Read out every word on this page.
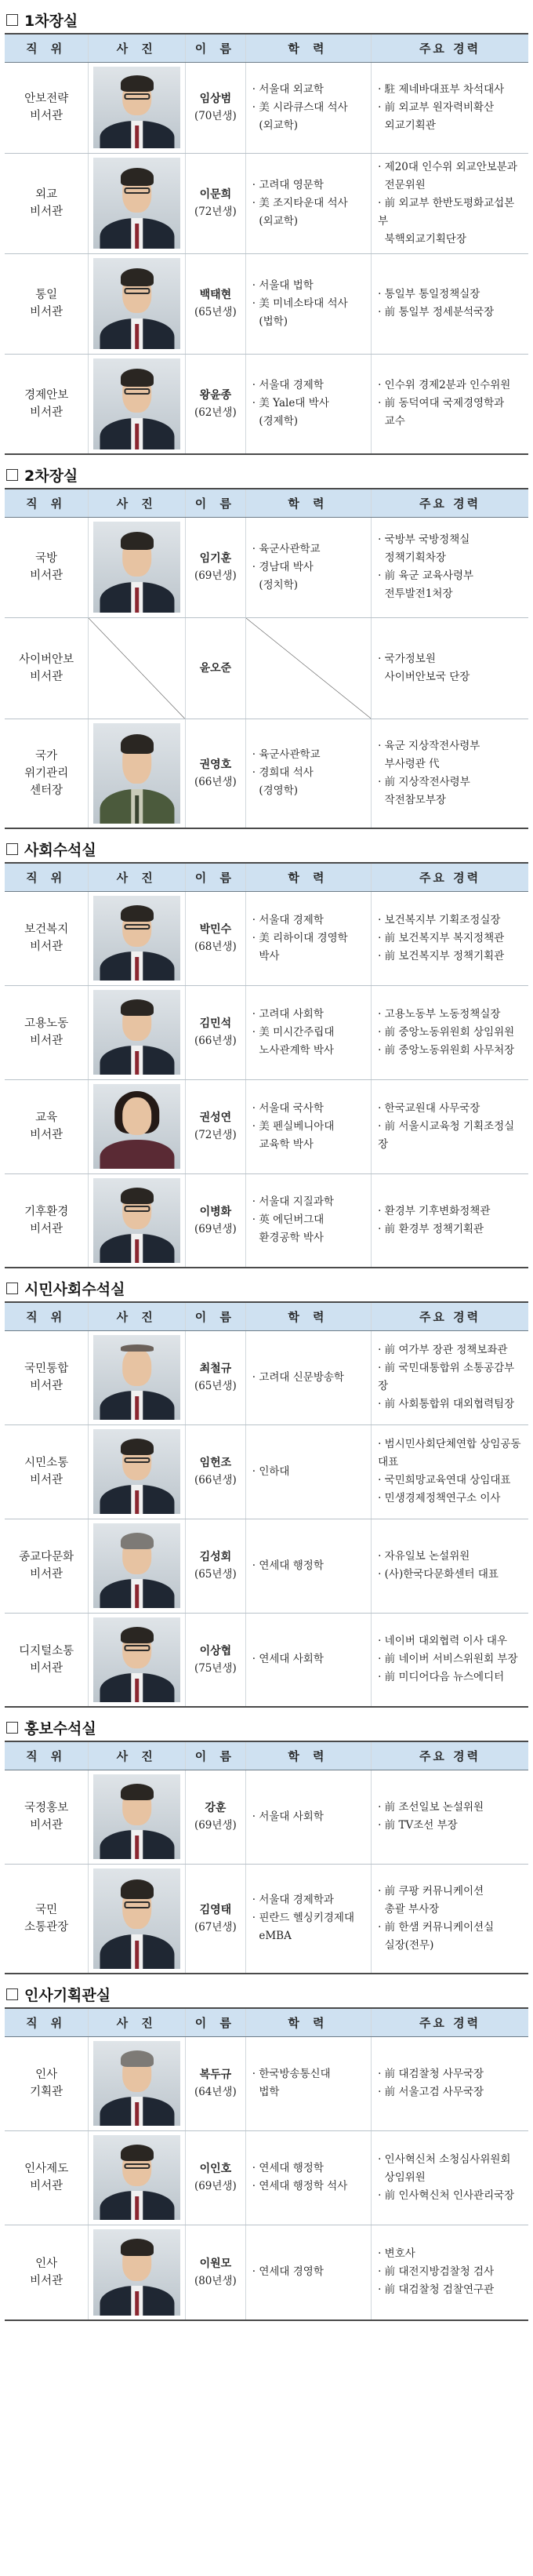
1차장실
직 위	사 진	이 름	학 력	주요 경력
안보전략
비서관		임상범
(70년생)	· 서울대 외교학
· 美 시라큐스대 석사
(외교학)	· 駐 제네바대표부 차석대사
· 前 외교부 원자력비확산
외교기획관

외교
비서관		이문희
(72년생)	· 고려대 영문학
· 美 조지타운대 석사
(외교학)	· 제20대 인수위 외교안보분과
전문위원
· 前 외교부 한반도평화교섭본부
북핵외교기획단장

통일
비서관		백태현
(65년생)	· 서울대 법학
· 美 미네소타대 석사
(법학)	· 통일부 통일정책실장
· 前 통일부 정세분석국장

경제안보
비서관		왕윤종
(62년생)	· 서울대 경제학
· 美 Yale대 박사
(경제학)	· 인수위 경제2분과 인수위원
· 前 동덕여대 국제경영학과
교수
2차장실
직 위	사 진	이 름	학 력	주요 경력
국방
비서관		임기훈
(69년생)	· 육군사관학교
· 경남대 박사
(정치학)	· 국방부 국방정책실
정책기획차장
· 前 육군 교육사령부
전투발전1처장

사이버안보
비서관		윤오준		· 국가정보원
사이버안보국 단장

국가
위기관리
센터장		권영호
(66년생)	· 육군사관학교
· 경희대 석사
(경영학)	· 육군 지상작전사령부
부사령관 代
· 前 지상작전사령부
작전참모부장
사회수석실
직 위	사 진	이 름	학 력	주요 경력
보건복지
비서관		박민수
(68년생)	· 서울대 경제학
· 美 리하이대 경영학
박사	· 보건복지부 기획조정실장
· 前 보건복지부 복지정책관
· 前 보건복지부 정책기획관

고용노동
비서관		김민석
(66년생)	· 고려대 사회학
· 美 미시간주립대
노사관계학 박사	· 고용노동부 노동정책실장
· 前 중앙노동위원회 상임위원
· 前 중앙노동위원회 사무처장

교육
비서관		권성연
(72년생)	· 서울대 국사학
· 美 펜실베니아대
교육학 박사	· 한국교원대 사무국장
· 前 서울시교육청 기획조정실장

기후환경
비서관		이병화
(69년생)	· 서울대 지질과학
· 英 에딘버그대
환경공학 박사	· 환경부 기후변화정책관
· 前 환경부 정책기획관
시민사회수석실
직 위	사 진	이 름	학 력	주요 경력
국민통합
비서관		최철규
(65년생)	· 고려대 신문방송학	· 前 여가부 장관 정책보좌관
· 前 국민대통합위 소통공감부장
· 前 사회통합위 대외협력팀장

시민소통
비서관		임헌조
(66년생)	· 인하대	· 범시민사회단체연합 상임공동대표
· 국민희망교육연대 상임대표
· 민생경제정책연구소 이사

종교다문화
비서관		김성회
(65년생)	· 연세대 행정학	· 자유일보 논설위원
· (사)한국다문화센터 대표

디지털소통
비서관		이상협
(75년생)	· 연세대 사회학	· 네이버 대외협력 이사 대우
· 前 네이버 서비스위원회 부장
· 前 미디어다음 뉴스에디터
홍보수석실
직 위	사 진	이 름	학 력	주요 경력
국정홍보
비서관		강훈
(69년생)	· 서울대 사회학	· 前 조선일보 논설위원
· 前 TV조선 부장

국민
소통관장		김영태
(67년생)	· 서울대 경제학과
· 핀란드 헬싱키경제대
eMBA	· 前 쿠팡 커뮤니케이션
총괄 부사장
· 前 한샘 커뮤니케이션실
실장(전무)
인사기획관실
직 위	사 진	이 름	학 력	주요 경력
인사
기획관		복두규
(64년생)	· 한국방송통신대
법학	· 前 대검찰청 사무국장
· 前 서울고검 사무국장

인사제도
비서관		이인호
(69년생)	· 연세대 행정학
· 연세대 행정학 석사	· 인사혁신처 소청심사위원회
상임위원
· 前 인사혁신처 인사관리국장

인사
비서관		이원모
(80년생)	· 연세대 경영학	· 변호사
· 前 대전지방검찰청 검사
· 前 대검찰청 검찰연구관
